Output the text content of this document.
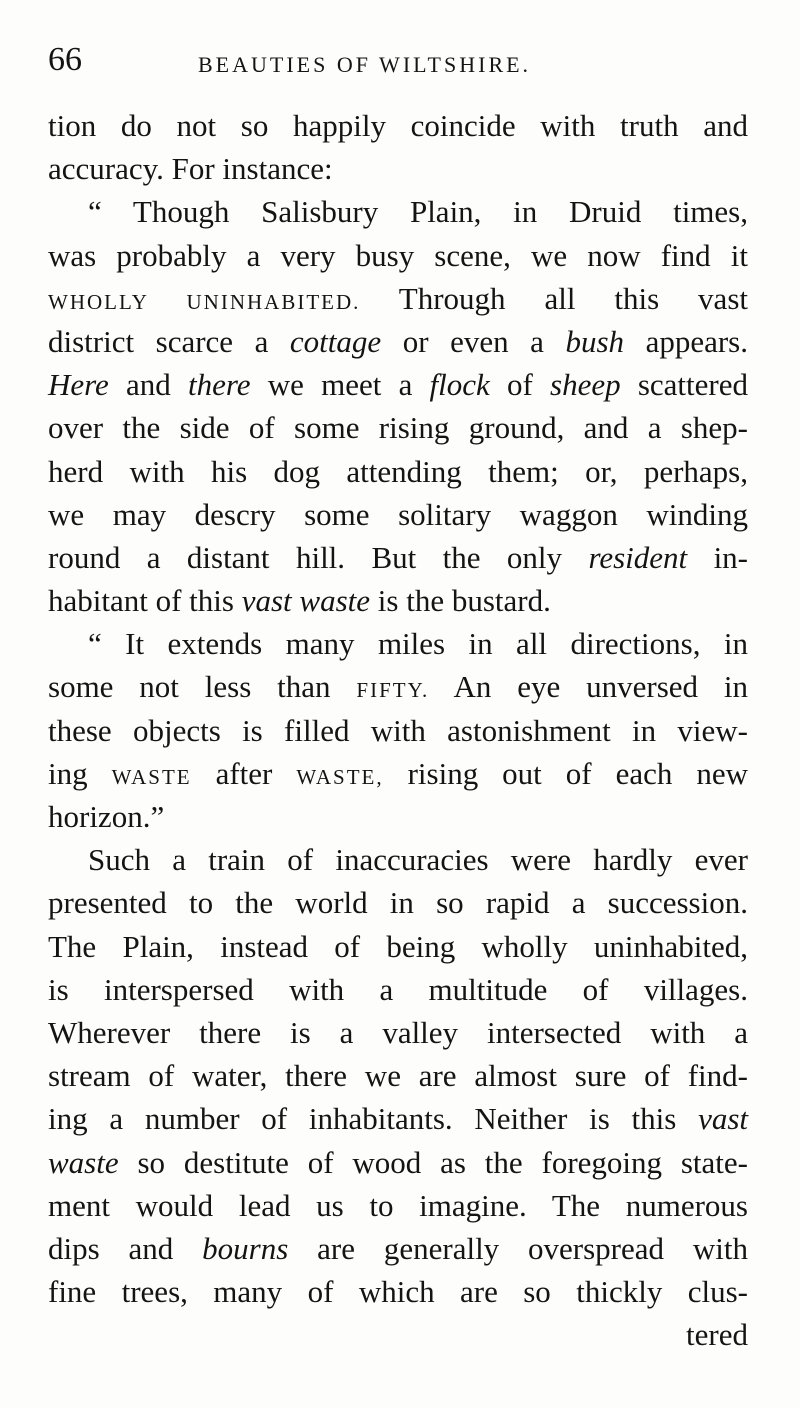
66	BEAUTIES OF WILTSHIRE.
tion do not so happily coincide with truth and
accuracy. For instance:
“ Though Salisbury Plain, in Druid times,
was probably a very busy scene, we now find it
WHOLLY UNINHABITED. Through all this vast
district scarce a cottage or even a bush appears.
Here and there we meet a flock of sheep scattered
over the side of some rising ground, and a shep-
herd with his dog attending them; or, perhaps,
we may descry some solitary waggon winding
round a distant hill. But the only resident in-
habitant of this vast waste is the bustard.
“ It extends many miles in all directions, in
some not less than FIFTY. An eye unversed in
these objects is filled with astonishment in view-
ing WASTE after WASTE, rising out of each new
horizon.”
Such a train of inaccuracies were hardly ever
presented to the world in so rapid a succession.
The Plain, instead of being wholly uninhabited,
is interspersed with a multitude of villages.
Wherever there is a valley intersected with a
stream of water, there we are almost sure of find-
ing a number of inhabitants. Neither is this vast
waste so destitute of wood as the foregoing state-
ment would lead us to imagine. The numerous
dips and bourns are generally overspread with
fine trees, many of which are so thickly clus-
tered
